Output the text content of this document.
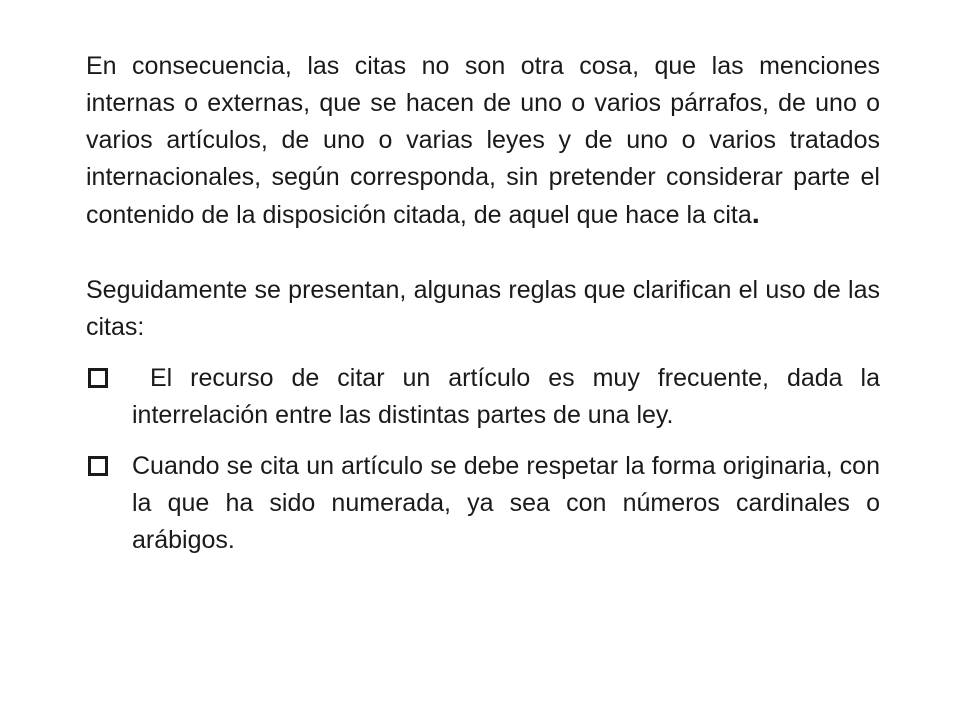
En consecuencia, las citas no son otra cosa, que las menciones internas o externas, que se hacen de uno o varios párrafos, de uno o varios artículos, de uno o varias leyes y de uno o varios tratados internacionales, según corresponda, sin pretender considerar parte el contenido de la disposición citada, de aquel que hace la cita.

Seguidamente se presentan, algunas reglas que clarifican el uso de las citas:

El recurso de citar un artículo es muy frecuente, dada la interrelación entre las distintas partes de una ley.
Cuando se cita un artículo se debe respetar la forma originaria, con la que ha sido numerada, ya sea con números cardinales o arábigos.
